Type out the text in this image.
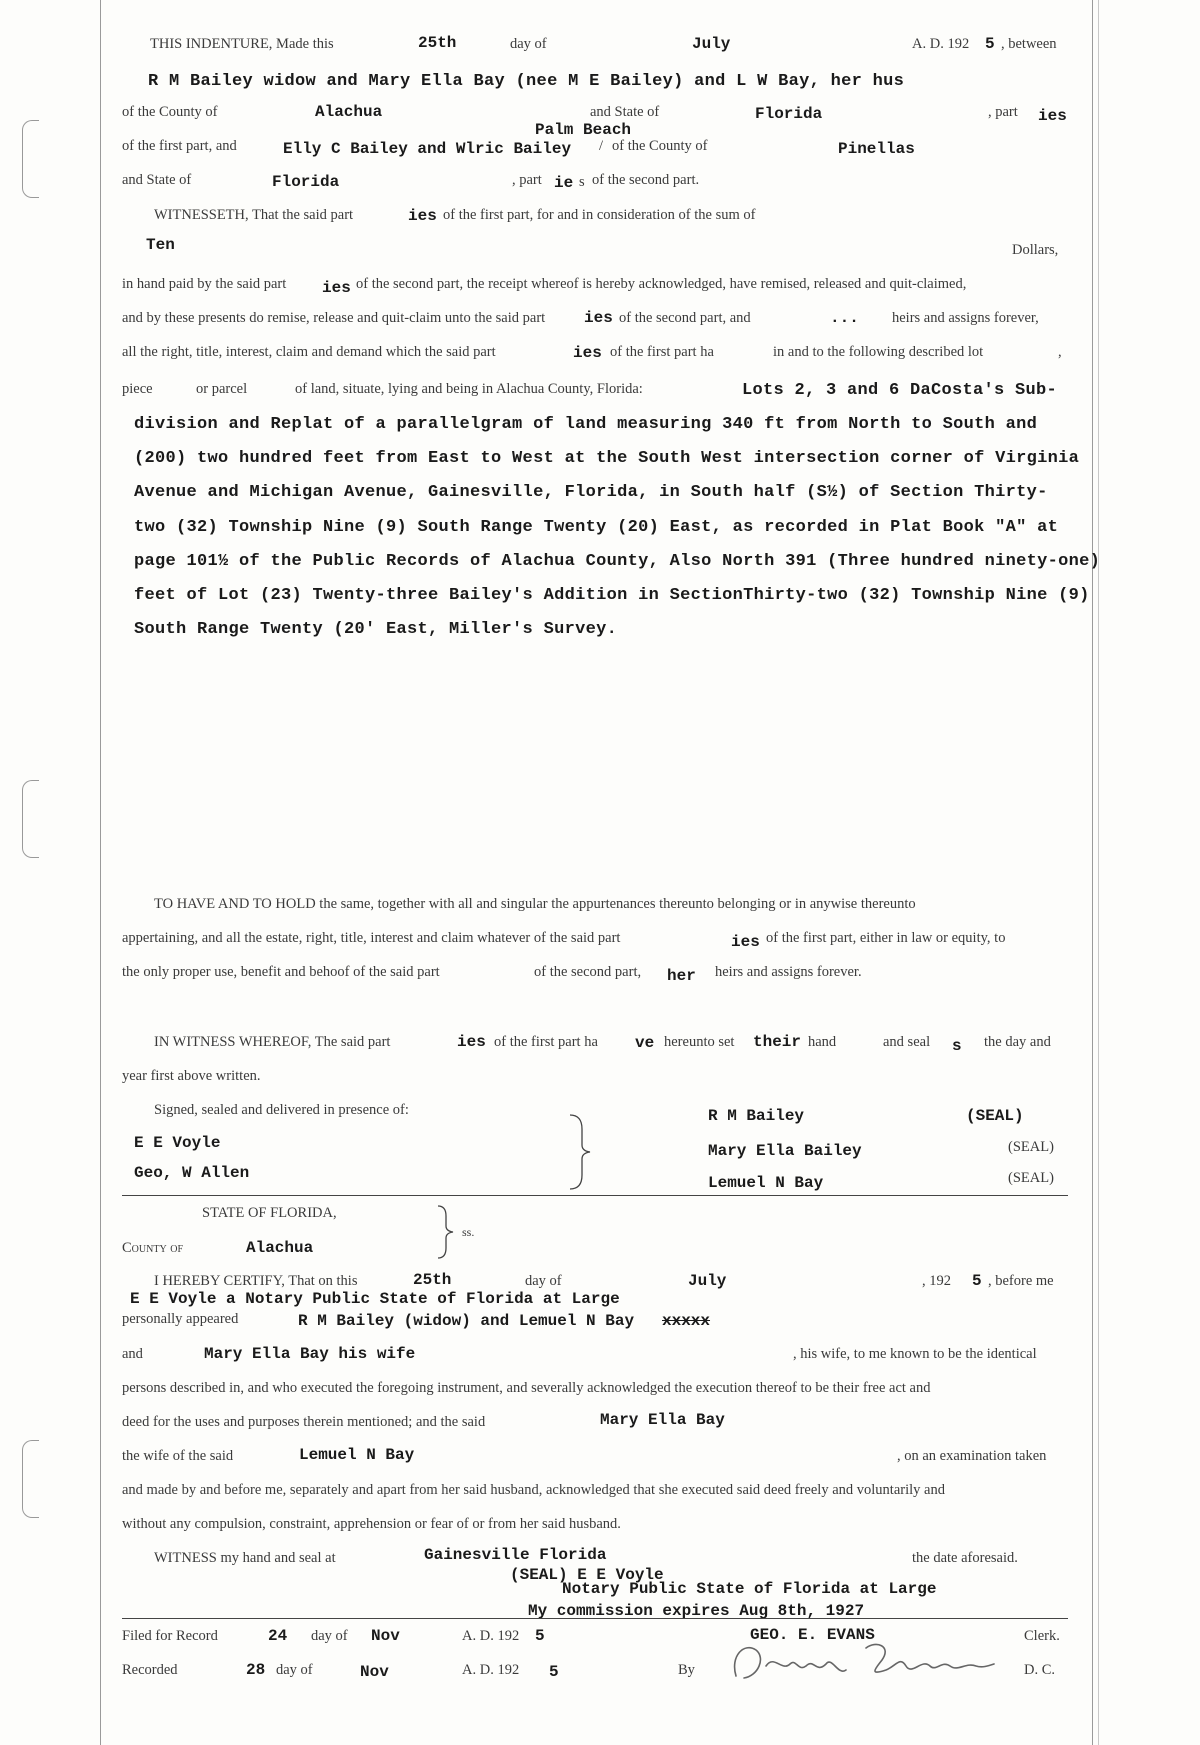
THIS INDENTURE, Made this	25th	day of	July	A. D. 192 5 , between
R M Bailey widow and Mary Ella Bay (nee M E Bailey) and L W Bay, her hus
of the County of	Alachua	and State of	Florida	, part ies
Palm Beach
of the first part, and	Elly C Bailey and Wlric Bailey / of the County of	Pinellas
and State of	Florida	, part ie s of the second part.
WITNESSETH, That the said part	ies of the first part, for and in consideration of the sum of
Ten	Dollars,
in hand paid by the said part ies of the second part, the receipt whereof is hereby acknowledged, have remised, released and quit-claimed,
and by these presents do remise, release and quit-claim unto the said part ies of the second part, and	... heirs and assigns forever,
all the right, title, interest, claim and demand which the said part	ies of the first part ha	in and to the following described lot	,
piece	or parcel	of land, situate, lying and being in Alachua County, Florida:	Lots 2, 3 and 6 DaCosta's Sub-
division and Replat of a parallelgram of land measuring 340 ft from North to South and
(200) two hundred feet from East to West at the South West intersection corner of Virginia
Avenue and Michigan Avenue, Gainesville, Florida, in South half (S½) of Section Thirty-
two (32) Township Nine (9) South Range Twenty (20) East, as recorded in Plat Book "A" at
page 101½ of the Public Records of Alachua County, Also North 391 (Three hundred ninety-one)
feet of Lot (23) Twenty-three Bailey's Addition in SectionThirty-two (32) Township Nine (9)
South Range Twenty (20' East, Miller's Survey.
TO HAVE AND TO HOLD the same, together with all and singular the appurtenances thereunto belonging or in anywise thereunto
appertaining, and all the estate, right, title, interest and claim whatever of the said part	ies of the first part, either in law or equity, to
the only proper use, benefit and behoof of the said part	of the second part, her heirs and assigns forever.
IN WITNESS WHEREOF, The said part	ies of the first part ha ve hereunto set their hand	and seal s the day and
year first above written.
Signed, sealed and delivered in presence of:
E E Voyle
Geo, W Allen
R M Bailey	(SEAL)
Mary Ella Bailey	(SEAL)
Lemuel N Bay	(SEAL)
STATE OF FLORIDA,
County of	Alachua
ss.
I HEREBY CERTIFY, That on this	25th	day of	July	, 192 5 , before me
E E Voyle a Notary Public State of Florida at Large
personally appeared	R M Bailey (widow) and Lemuel N Bay xxxxx
and	Mary Ella Bay his wife	, his wife, to me known to be the identical
persons described in, and who executed the foregoing instrument, and severally acknowledged the execution thereof to be their free act and
deed for the uses and purposes therein mentioned; and the said	Mary Ella Bay
the wife of the said	Lemuel N Bay	, on an examination taken
and made by and before me, separately and apart from her said husband, acknowledged that she executed said deed freely and voluntarily and
without any compulsion, constraint, apprehension or fear of or from her said husband.
WITNESS my hand and seal at	Gainesville Florida	the date aforesaid.
(SEAL) E E Voyle
Notary Public State of Florida at Large
My commission expires Aug 8th, 1927
Filed for Record	24 day of Nov	A. D. 192 5	GEO. E. EVANS	Clerk.
Recorded	28 day of	Nov	A. D. 192 5	By	D. C.
